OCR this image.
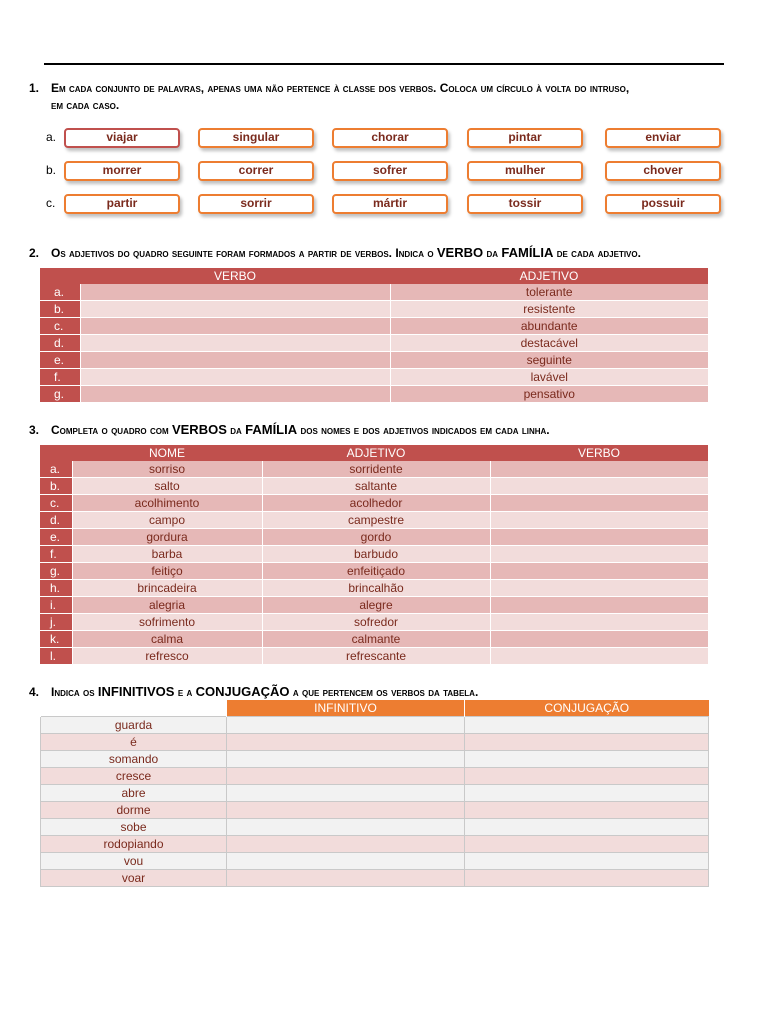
1. Em cada conjunto de palavras, apenas uma não pertence à classe dos verbos. Coloca um círculo à volta do intruso,
em cada caso.
a.	viajar	singular	chorar	pintar	enviar
b.	morrer	correr	sofrer	mulher	chover
c.	partir	sorrir	mártir	tossir	possuir
2. Os adjetivos do quadro seguinte foram formados a partir de verbos. Indica o VERBO da FAMÍLIA de cada adjetivo.
	VERBO	ADJETIVO
a.		tolerante
b.		resistente
c.		abundante
d.		destacável
e.		seguinte
f.		lavável
g.		pensativo
3. Completa o quadro com VERBOS da FAMÍLIA dos nomes e dos adjetivos indicados em cada linha.
	NOME	ADJETIVO	VERBO
a.	sorriso	sorridente	
b.	salto	saltante	
c.	acolhimento	acolhedor	
d.	campo	campestre	
e.	gordura	gordo	
f.	barba	barbudo	
g.	feitiço	enfeitiçado	
h.	brincadeira	brincalhão	
i.	alegria	alegre	
j.	sofrimento	sofredor	
k.	calma	calmante	
l.	refresco	refrescante	
4. Indica os INFINITIVOS e a CONJUGAÇÃO a que pertencem os verbos da tabela.
	INFINITIVO	CONJUGAÇÃO
guarda		
é		
somando		
cresce		
abre		
dorme		
sobe		
rodopiando		
vou		
voar		
